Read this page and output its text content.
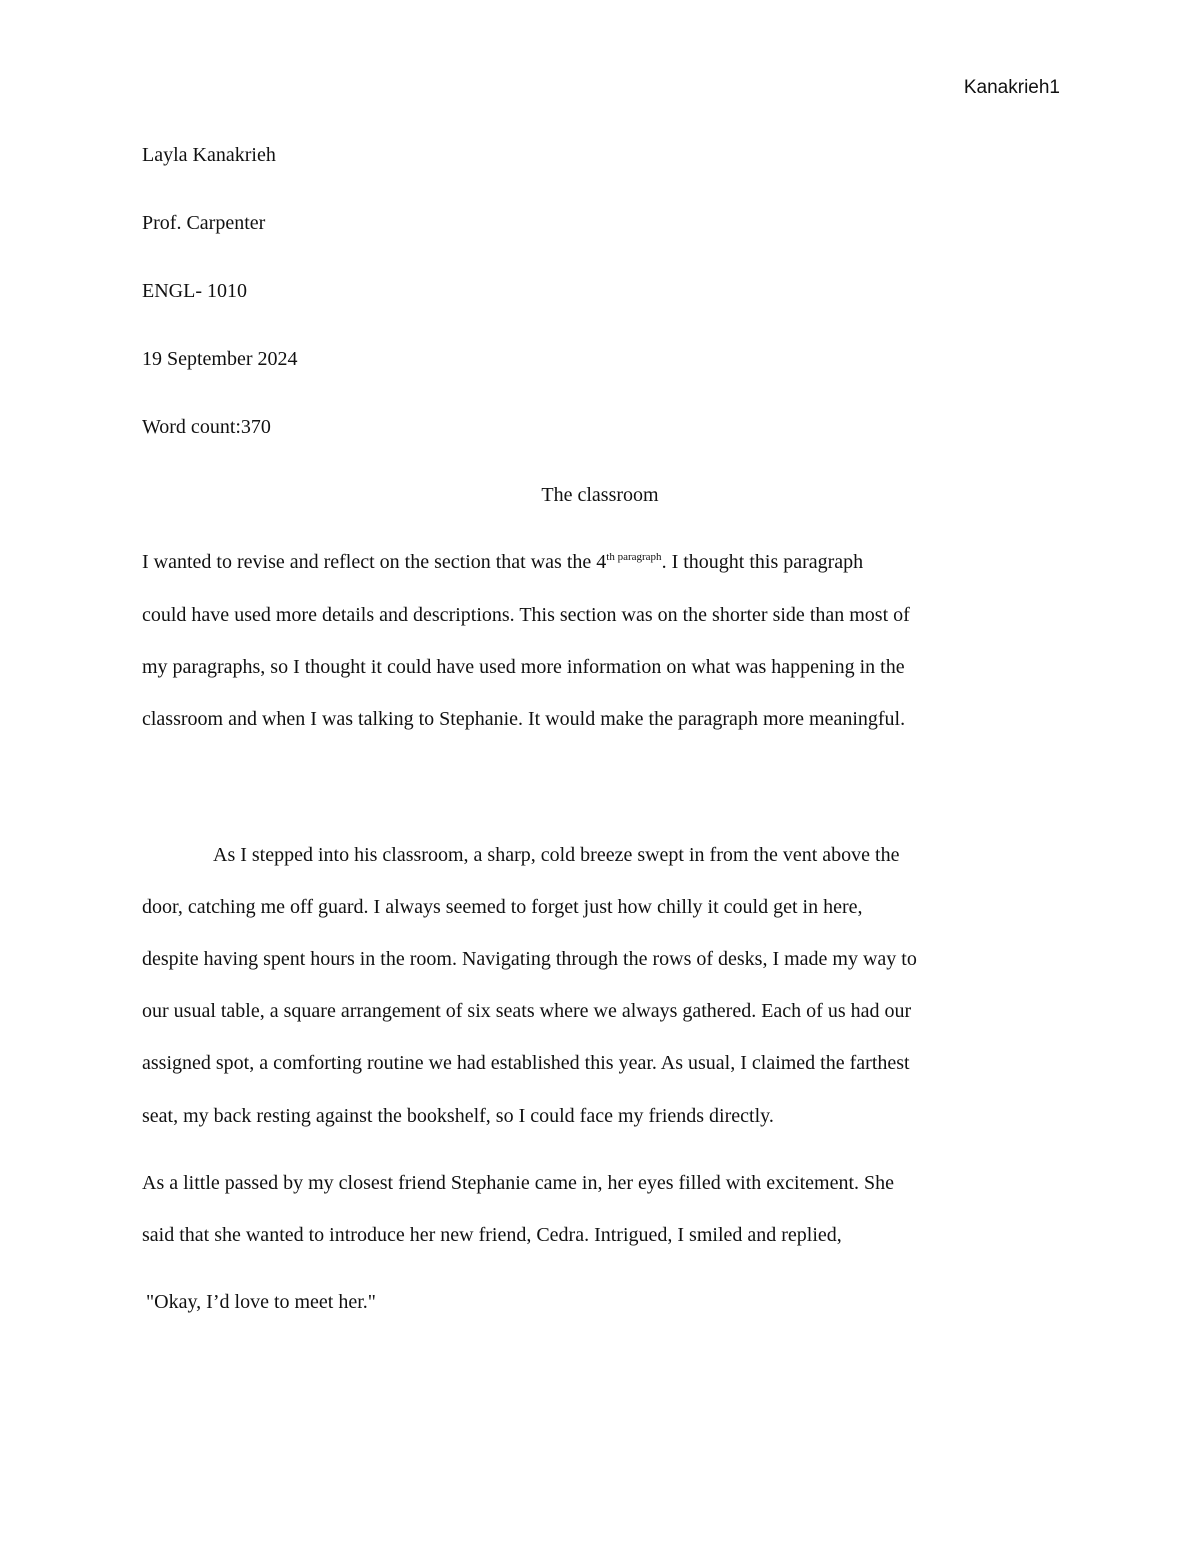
Kanakrieh1
Layla Kanakrieh
Prof. Carpenter
ENGL- 1010
19 September 2024
Word count:370
The classroom
I wanted to revise and reflect on the section that was the $4^{th paragraph}$. I thought this paragraph
could have used more details and descriptions. This section was on the shorter side than most of
my paragraphs, so I thought it could have used more information on what was happening in the
classroom and when I was talking to Stephanie. It would make the paragraph more meaningful.
As I stepped into his classroom, a sharp, cold breeze swept in from the vent above the
door, catching me off guard. I always seemed to forget just how chilly it could get in here,
despite having spent hours in the room. Navigating through the rows of desks, I made my way to
our usual table, a square arrangement of six seats where we always gathered. Each of us had our
assigned spot, a comforting routine we had established this year. As usual, I claimed the farthest
seat, my back resting against the bookshelf, so I could face my friends directly.
As a little passed by my closest friend Stephanie came in, her eyes filled with excitement. She
said that she wanted to introduce her new friend, Cedra. Intrigued, I smiled and replied,
"Okay, I’d love to meet her."
